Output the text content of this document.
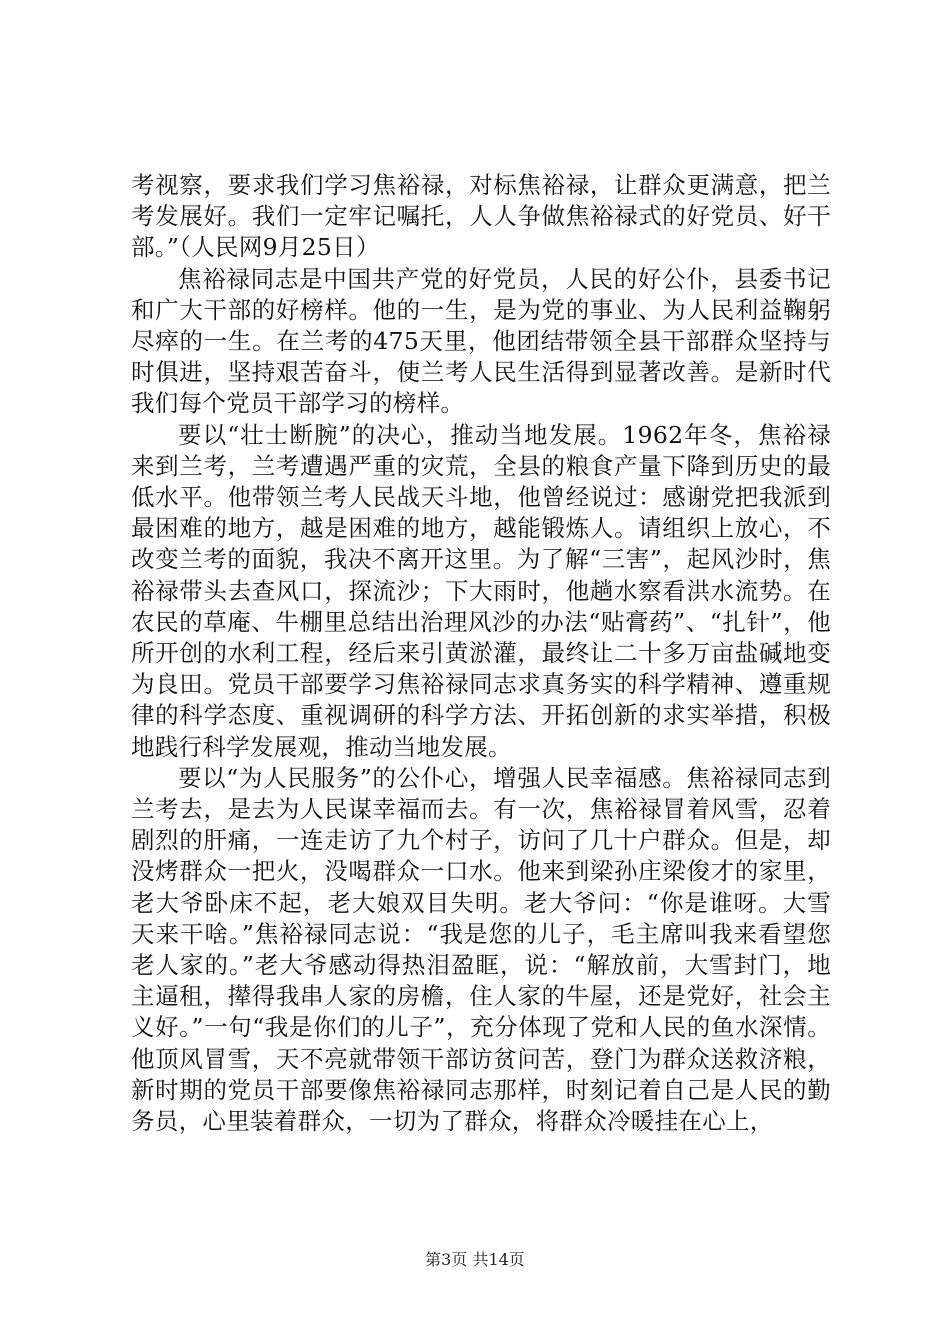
考视察，要求我们学习焦裕禄，对标焦裕禄，让群众更满意，把兰考发展好。我们一定牢记嘱托，人人争做焦裕禄式的好党员、好干部。”（人民网9月25日）

焦裕禄同志是中国共产党的好党员，人民的好公仆，县委书记和广大干部的好榜样。他的一生，是为党的事业、为人民利益鞠躬尽瘁的一生。在兰考的475天里，他团结带领全县干部群众坚持与时俱进，坚持艰苦奋斗，使兰考人民生活得到显著改善。是新时代我们每个党员干部学习的榜样。

要以“壮士断腕”的决心，推动当地发展。1962年冬，焦裕禄来到兰考，兰考遭遇严重的灾荒，全县的粮食产量下降到历史的最低水平。他带领兰考人民战天斗地，他曾经说过：感谢党把我派到最困难的地方，越是困难的地方，越能锻炼人。请组织上放心，不改变兰考的面貌，我决不离开这里。为了解“三害”，起风沙时，焦裕禄带头去查风口，探流沙；下大雨时，他趟水察看洪水流势。在农民的草庵、牛棚里总结出治理风沙的办法“贴膏药”、“扎针”，他所开创的水利工程，经后来引黄淤灌，最终让二十多万亩盐碱地变为良田。党员干部要学习焦裕禄同志求真务实的科学精神、遵重规律的科学态度、重视调研的科学方法、开拓创新的求实举措，积极地践行科学发展观，推动当地发展。

要以“为人民服务”的公仆心，增强人民幸福感。焦裕禄同志到兰考去，是去为人民谋幸福而去。有一次，焦裕禄冒着风雪，忍着剧烈的肝痛，一连走访了九个村子，访问了几十户群众。但是，却没烤群众一把火，没喝群众一口水。他来到梁孙庄梁俊才的家里，老大爷卧床不起，老大娘双目失明。老大爷问：“你是谁呀。大雪天来干啥。”焦裕禄同志说：“我是您的儿子，毛主席叫我来看望您老人家的。”老大爷感动得热泪盈眶，说：“解放前，大雪封门，地主逼租，撵得我串人家的房檐，住人家的牛屋，还是党好，社会主义好。”一句“我是你们的儿子”，充分体现了党和人民的鱼水深情。他顶风冒雪，天不亮就带领干部访贫问苦，登门为群众送救济粮，新时期的党员干部要像焦裕禄同志那样，时刻记着自己是人民的勤务员，心里装着群众，一切为了群众，将群众冷暖挂在心上，

第3页 共14页
